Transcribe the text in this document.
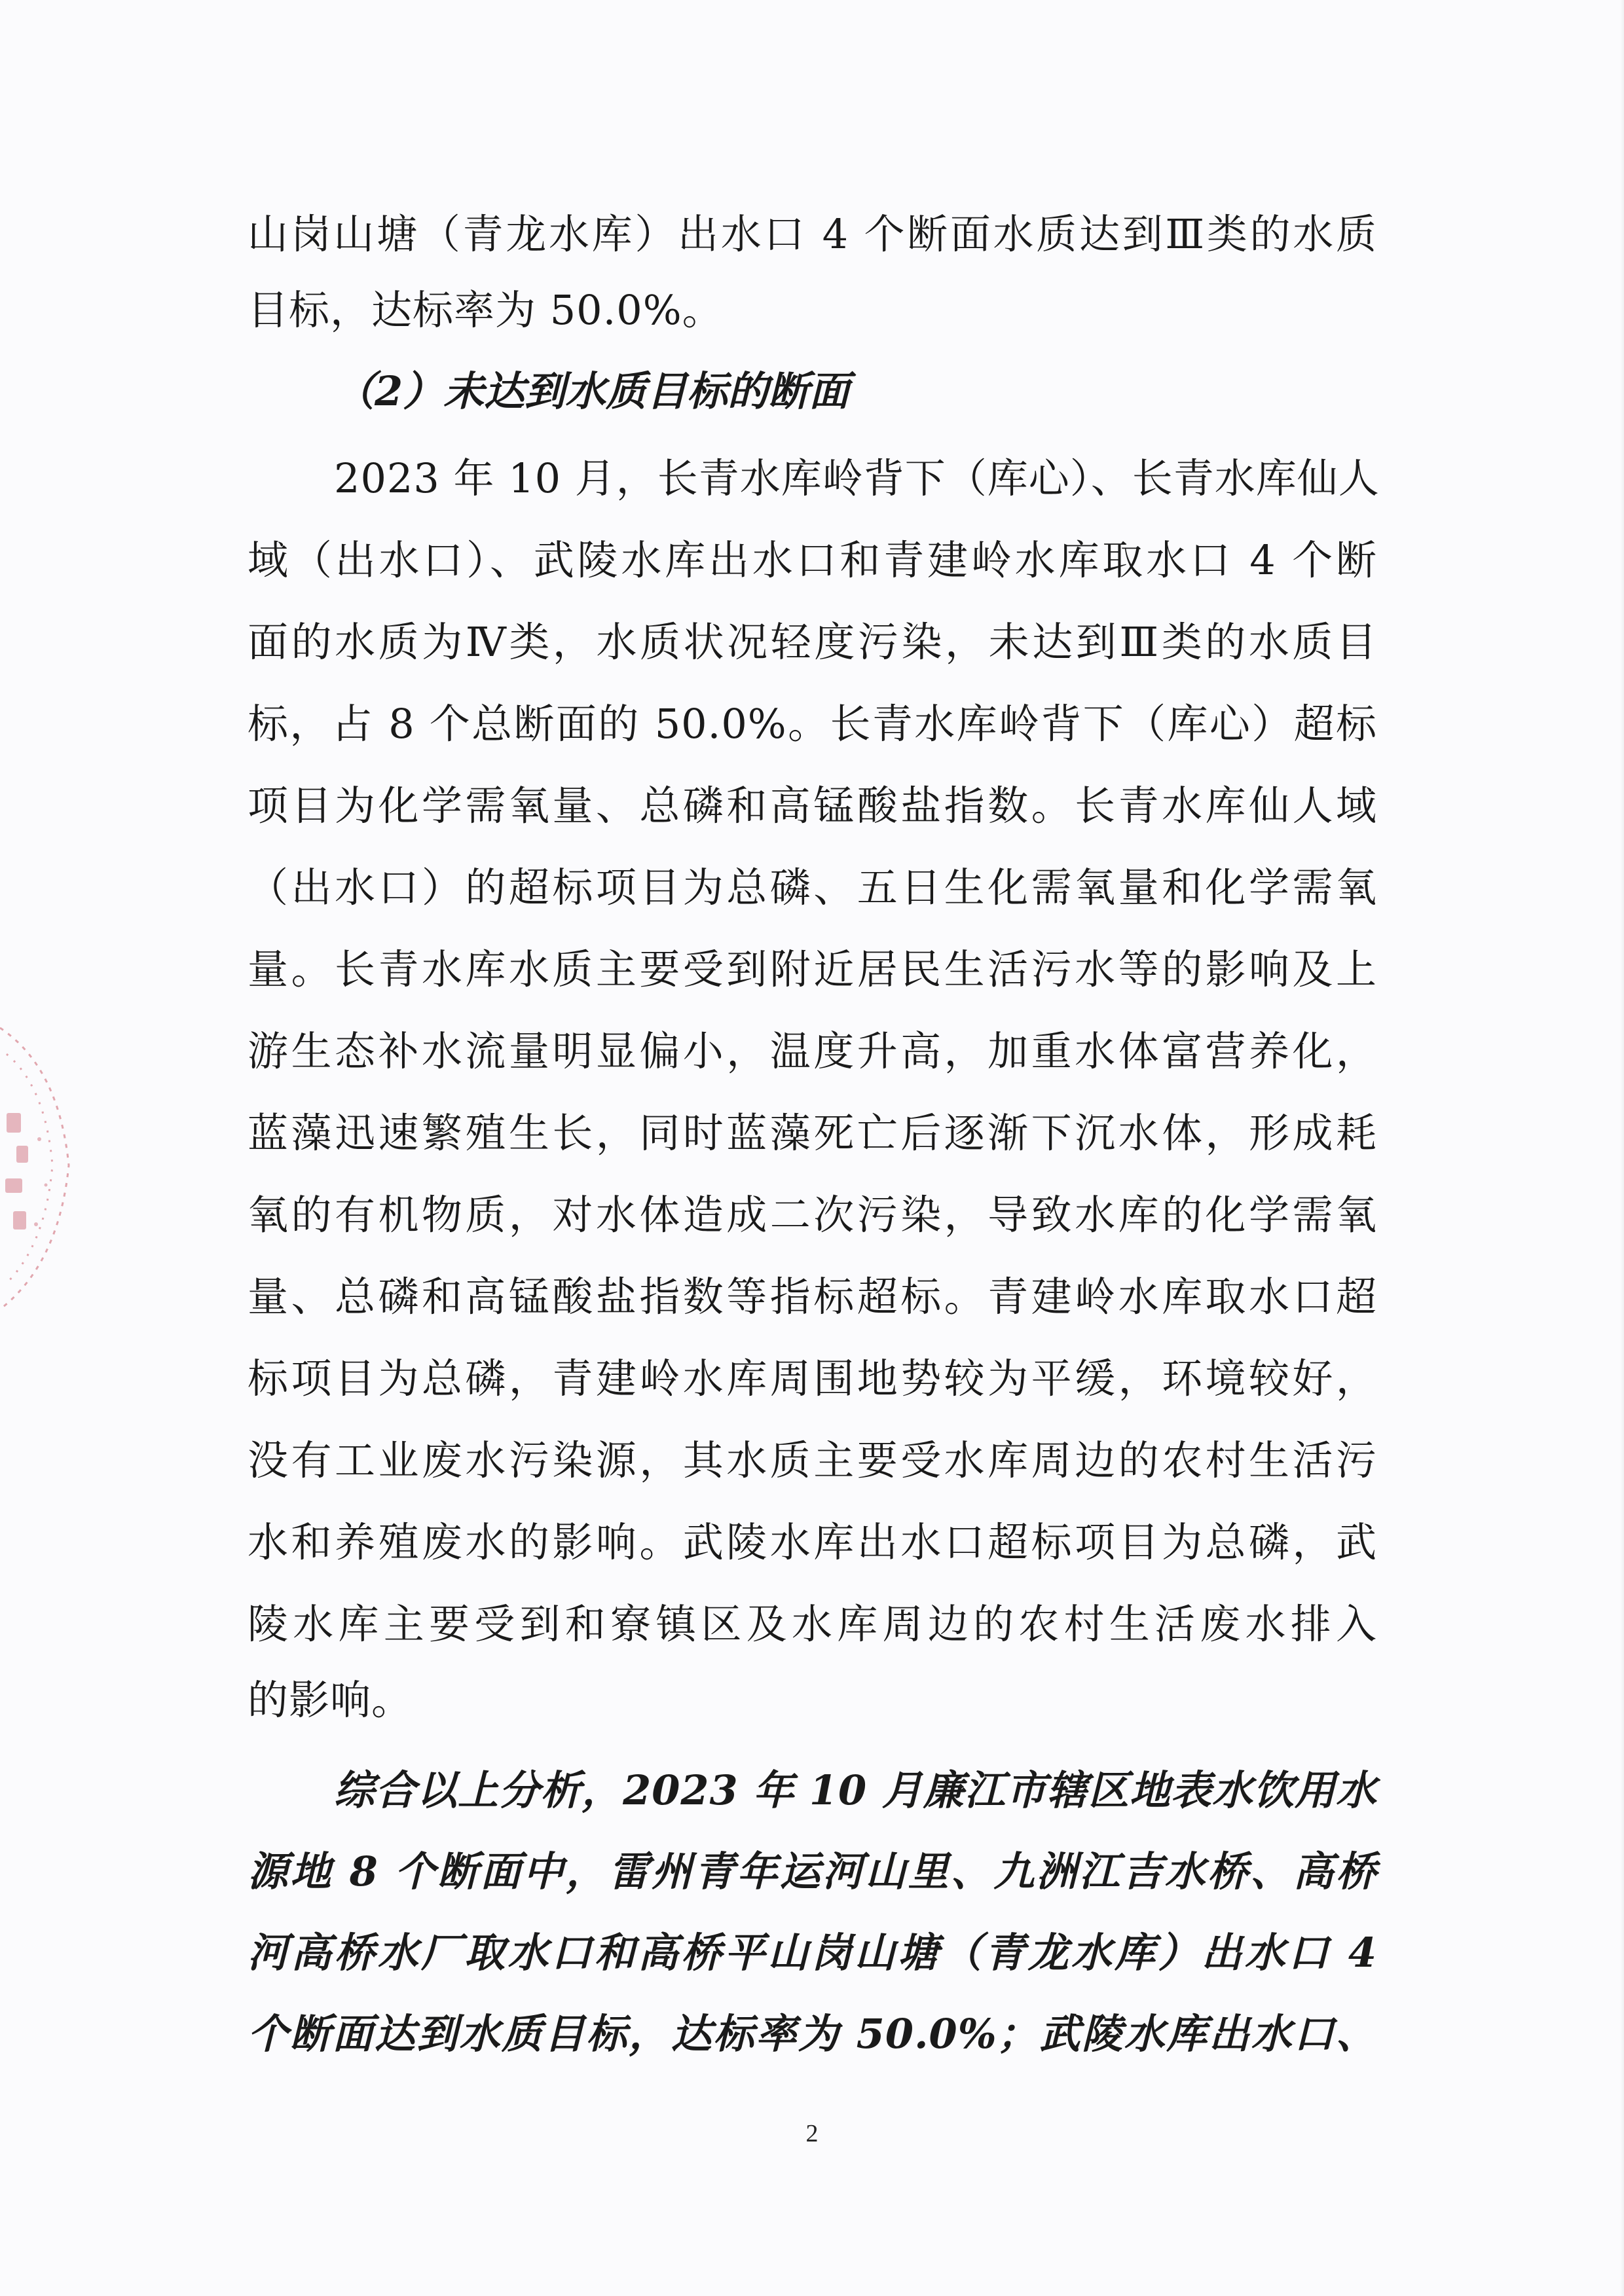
山岗山塘（青龙水库）出水口 4 个断面水质达到Ⅲ类的水质
目标，达标率为 50.0%。
（2）未达到水质目标的断面
2023 年 10 月，长青水库岭背下（库心）、长青水库仙人
域（出水口）、武陵水库出水口和青建岭水库取水口 4 个断
面的水质为Ⅳ类，水质状况轻度污染，未达到Ⅲ类的水质目
标，占 8 个总断面的 50.0%。长青水库岭背下（库心）超标
项目为化学需氧量、总磷和高锰酸盐指数。长青水库仙人域
（出水口）的超标项目为总磷、五日生化需氧量和化学需氧
量。长青水库水质主要受到附近居民生活污水等的影响及上
游生态补水流量明显偏小，温度升高，加重水体富营养化，
蓝藻迅速繁殖生长，同时蓝藻死亡后逐渐下沉水体，形成耗
氧的有机物质，对水体造成二次污染，导致水库的化学需氧
量、总磷和高锰酸盐指数等指标超标。青建岭水库取水口超
标项目为总磷，青建岭水库周围地势较为平缓，环境较好，
没有工业废水污染源，其水质主要受水库周边的农村生活污
水和养殖废水的影响。武陵水库出水口超标项目为总磷，武
陵水库主要受到和寮镇区及水库周边的农村生活废水排入
的影响。
综合以上分析，2023 年 10 月廉江市辖区地表水饮用水
源地 8 个断面中，雷州青年运河山里、九洲江吉水桥、高桥
河高桥水厂取水口和高桥平山岗山塘（青龙水库）出水口 4
个断面达到水质目标，达标率为 50.0%；武陵水库出水口、
2
